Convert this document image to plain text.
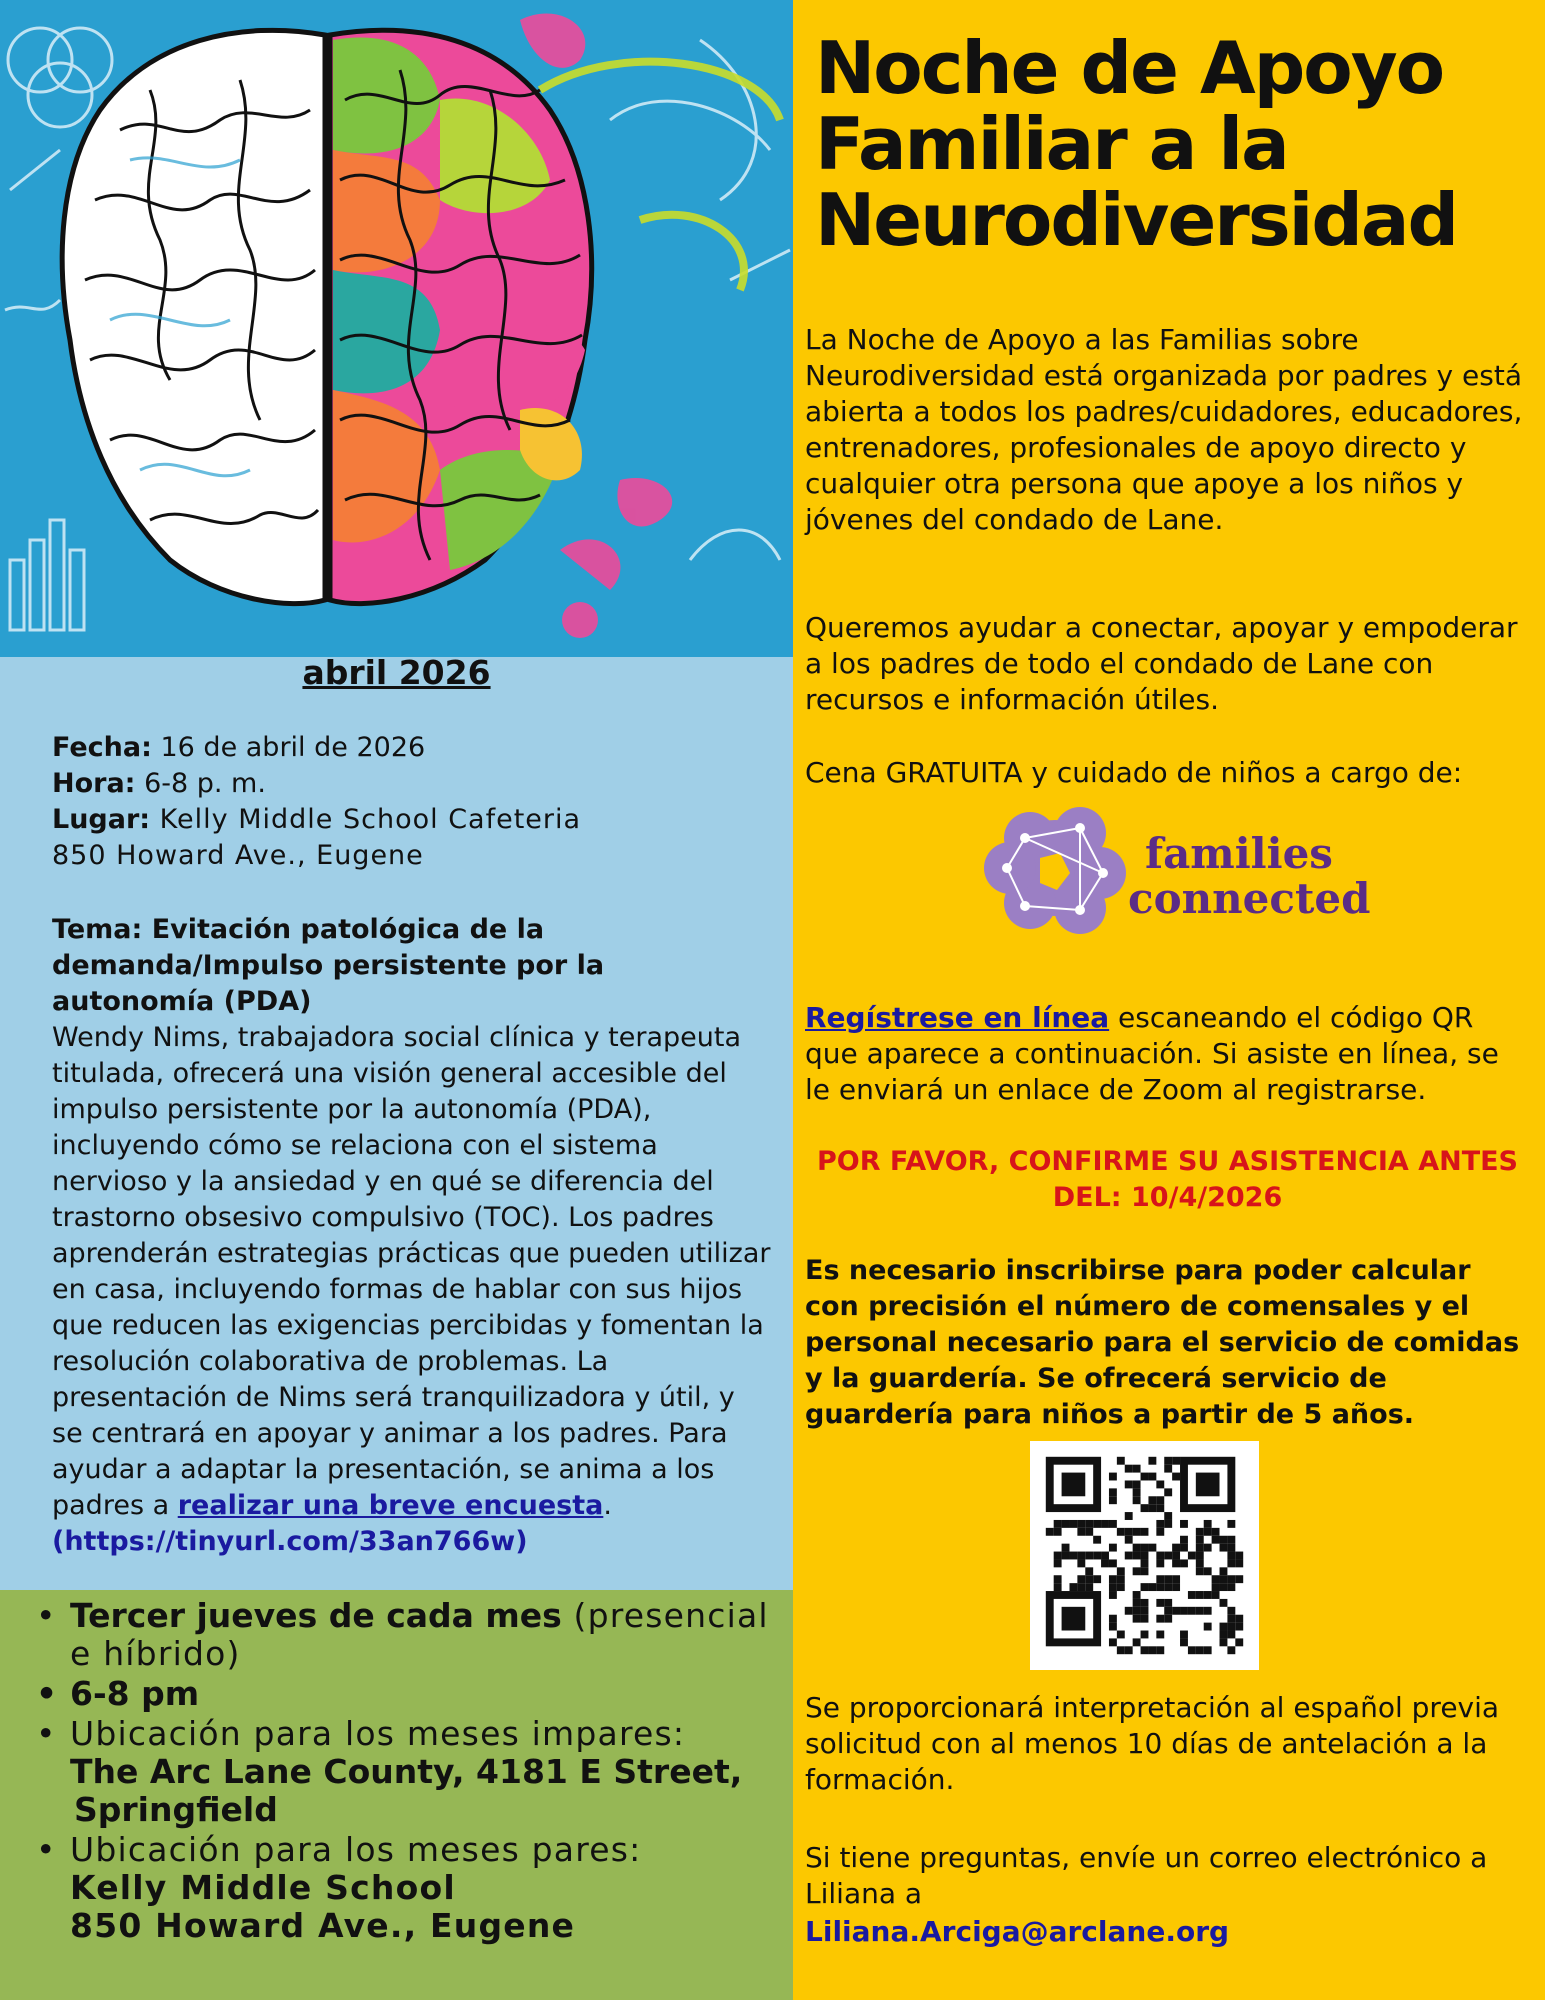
abril 2026
Fecha: 16 de abril de 2026
Hora: 6-8 p. m.
Lugar: Kelly Middle School Cafeteria
850 Howard Ave., Eugene
Tema: Evitación patológica de la demanda/Impulso persistente por la autonomía (PDA)
Wendy Nims, trabajadora social clínica y terapeuta titulada, ofrecerá una visión general accesible del impulso persistente por la autonomía (PDA), incluyendo cómo se relaciona con el sistema nervioso y la ansiedad y en qué se diferencia del trastorno obsesivo compulsivo (TOC). Los padres aprenderán estrategias prácticas que pueden utilizar en casa, incluyendo formas de hablar con sus hijos que reducen las exigencias percibidas y fomentan la resolución colaborativa de problemas. La presentación de Nims será tranquilizadora y útil, y se centrará en apoyar y animar a los padres. Para ayudar a adaptar la presentación, se anima a los padres a realizar una breve encuesta.
(https://tinyurl.com/33an766w)
• Tercer jueves de cada mes (presencial e híbrido)
• 6-8 pm
• Ubicación para los meses impares:
The Arc Lane County, 4181 E Street,
Springfield
• Ubicación para los meses pares:
Kelly Middle School
850 Howard Ave., Eugene
Noche de Apoyo
Familiar a la
Neurodiversidad
La Noche de Apoyo a las Familias sobre Neurodiversidad está organizada por padres y está abierta a todos los padres/cuidadores, educadores, entrenadores, profesionales de apoyo directo y cualquier otra persona que apoye a los niños y jóvenes del condado de Lane.
Queremos ayudar a conectar, apoyar y empoderar a los padres de todo el condado de Lane con recursos e información útiles.
Cena GRATUITA y cuidado de niños a cargo de:
families
connected
Regístrese en línea escaneando el código QR que aparece a continuación. Si asiste en línea, se le enviará un enlace de Zoom al registrarse.
POR FAVOR, CONFIRME SU ASISTENCIA ANTES
DEL: 10/4/2026
Es necesario inscribirse para poder calcular con precisión el número de comensales y el personal necesario para el servicio de comidas y la guardería. Se ofrecerá servicio de guardería para niños a partir de 5 años.
Se proporcionará interpretación al español previa solicitud con al menos 10 días de antelación a la formación.
Si tiene preguntas, envíe un correo electrónico a Liliana a
Liliana.Arciga@arclane.org
